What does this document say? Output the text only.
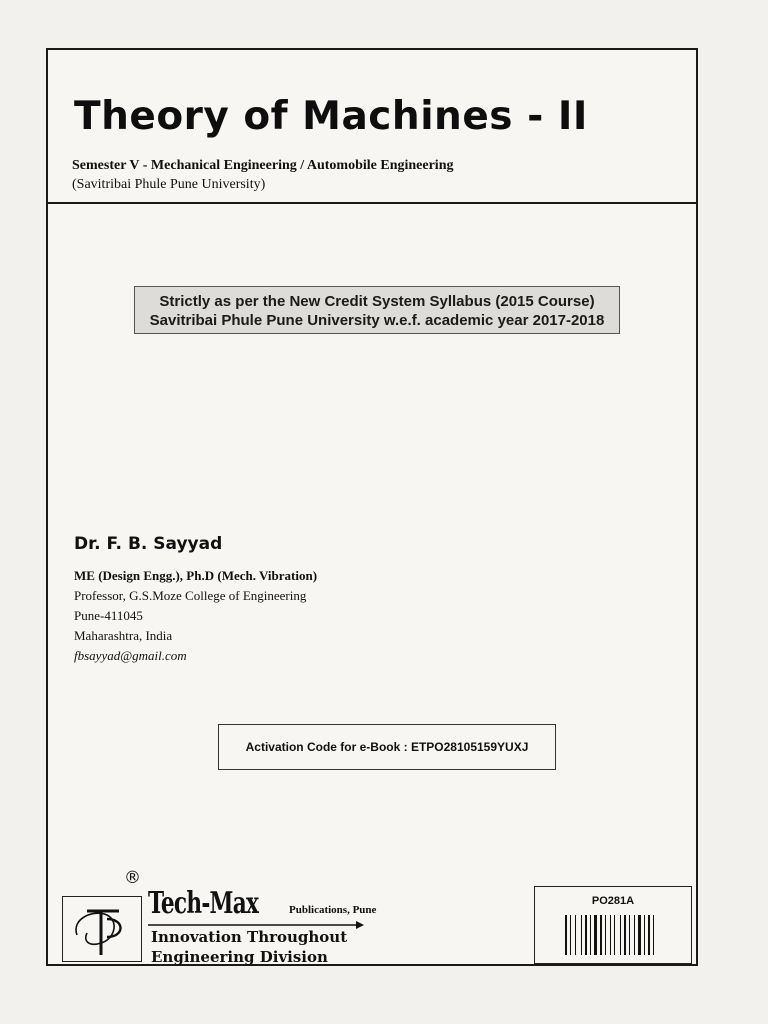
Theory of Machines - II
Semester V - Mechanical Engineering / Automobile Engineering
(Savitribai Phule Pune University)
Strictly as per the New Credit System Syllabus (2015 Course)
Savitribai Phule Pune University w.e.f. academic year 2017-2018
Dr. F. B. Sayyad
ME (Design Engg.), Ph.D (Mech. Vibration)
Professor, G.S.Moze College of Engineering
Pune-411045
Maharashtra, India
fbsayyad@gmail.com
Activation Code for e-Book : ETPO28105159YUXJ
®
Tech-Max	Publications, Pune
Innovation Throughout
Engineering Division
PO281A
